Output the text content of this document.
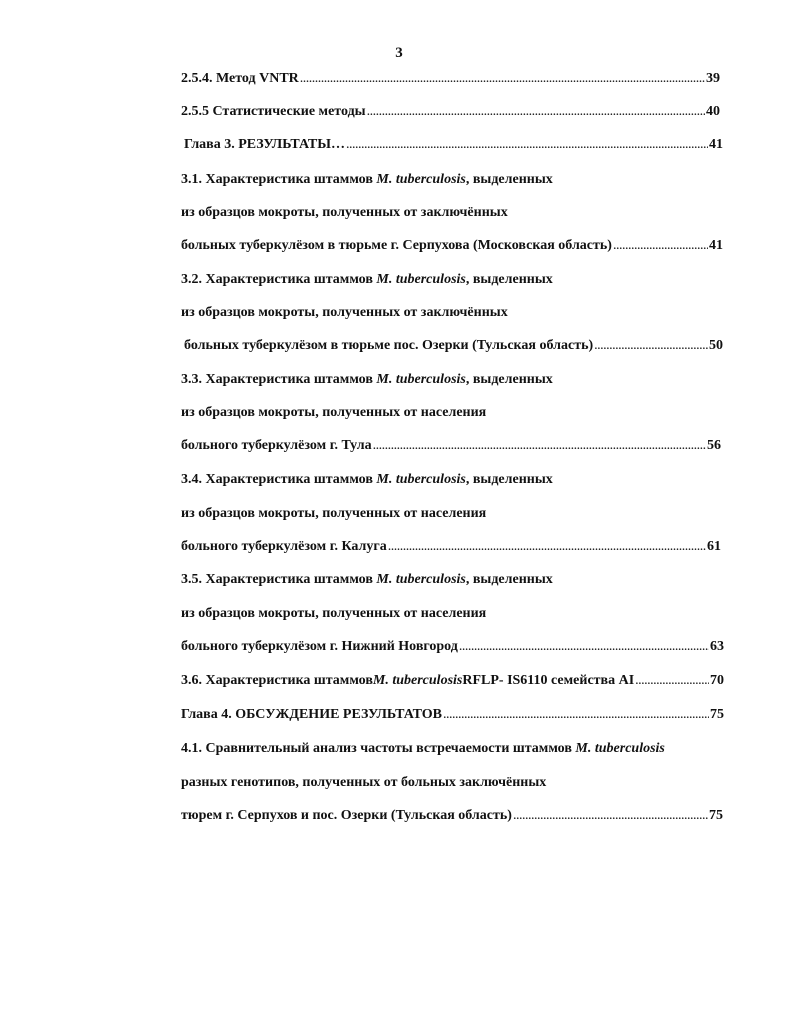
3
2.5.4. Метод VNTR .....	39
2.5.5 Статистические методы .....	40
Глава 3. РЕЗУЛЬТАТЫ… .....	41
3.1. Характеристика штаммов M. tuberculosis, выделенных
из образцов мокроты, полученных от заключённых
больных туберкулёзом в тюрьме г. Серпухова (Московская область) .....	41
3.2. Характеристика штаммов M. tuberculosis, выделенных
из образцов мокроты, полученных от заключённых
больных туберкулёзом в тюрьме пос. Озерки (Тульская область) .....	50
3.3. Характеристика штаммов M. tuberculosis, выделенных
из образцов мокроты, полученных от населения
больного туберкулёзом г. Тула .....	56
3.4. Характеристика штаммов M. tuberculosis, выделенных
из образцов мокроты, полученных от населения
больного туберкулёзом г. Калуга .....	61
3.5. Характеристика штаммов M. tuberculosis, выделенных
из образцов мокроты, полученных от населения
больного туберкулёзом г. Нижний Новгород .....	63
3.6. Характеристика штаммов M. tuberculosis RFLP- IS6110 семейства AI .....	70
Глава 4. ОБСУЖДЕНИЕ РЕЗУЛЬТАТОВ .....	75
4.1. Сравнительный анализ частоты встречаемости штаммов M. tuberculosis
разных генотипов, полученных от больных заключённых
тюрем г. Серпухов и пос. Озерки (Тульская область) .....	75
